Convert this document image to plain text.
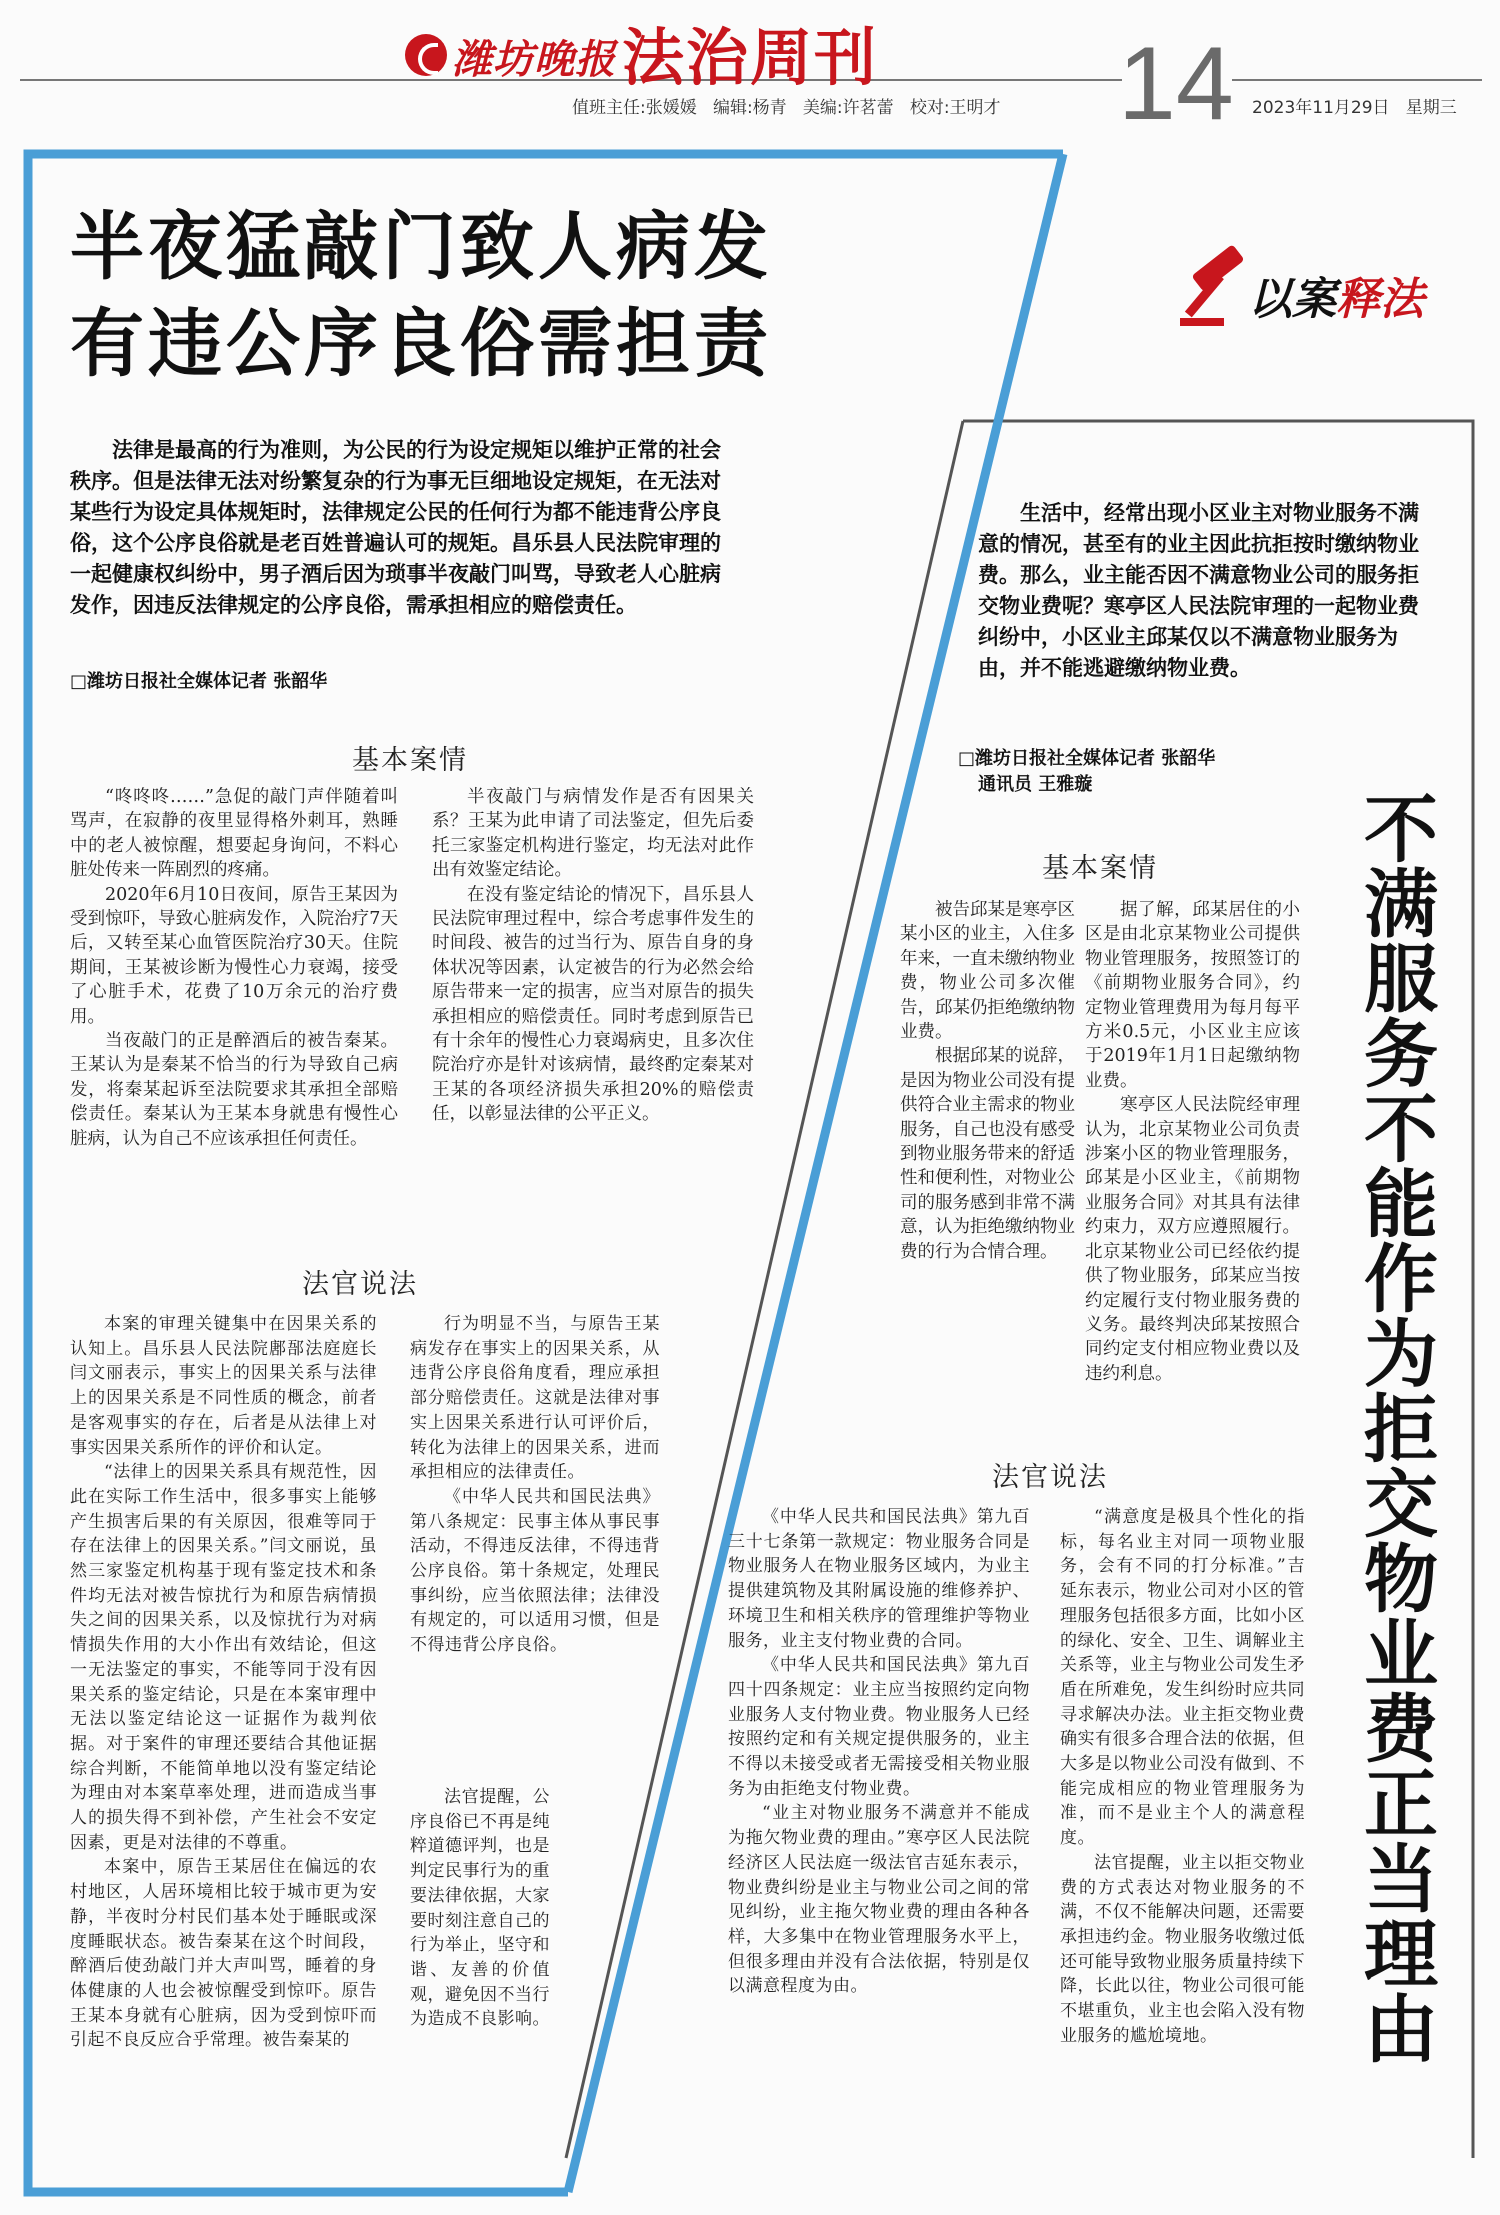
潍坊晚报 法治周刊 14
值班主任:张媛媛   编辑:杨青   美编:许茗蕾   校对:王明才	2023年11月29日   星期三
以案释法
半夜猛敲门致人病发
有违公序良俗需担责

法律是最高的行为准则，为公民的行为设定规矩以维护正常的社会秩序。但是法律无法对纷繁复杂的行为事无巨细地设定规矩，在无法对某些行为设定具体规矩时，法律规定公民的任何行为都不能违背公序良俗，这个公序良俗就是老百姓普遍认可的规矩。昌乐县人民法院审理的一起健康权纠纷中，男子酒后因为琐事半夜敲门叫骂，导致老人心脏病发作，因违反法律规定的公序良俗，需承担相应的赔偿责任。

□潍坊日报社全媒体记者 张韶华
基本案情

“咚咚咚……”急促的敲门声伴随着叫骂声，在寂静的夜里显得格外刺耳，熟睡中的老人被惊醒，想要起身询问，不料心脏处传来一阵剧烈的疼痛。

2020年6月10日夜间，原告王某因为受到惊吓，导致心脏病发作，入院治疗7天后，又转至某心血管医院治疗30天。住院期间，王某被诊断为慢性心力衰竭，接受了心脏手术，花费了10万余元的治疗费用。

当夜敲门的正是醉酒后的被告秦某。王某认为是秦某不恰当的行为导致自己病发，将秦某起诉至法院要求其承担全部赔偿责任。秦某认为王某本身就患有慢性心脏病，认为自己不应该承担任何责任。

半夜敲门与病情发作是否有因果关系？王某为此申请了司法鉴定，但先后委托三家鉴定机构进行鉴定，均无法对此作出有效鉴定结论。

在没有鉴定结论的情况下，昌乐县人民法院审理过程中，综合考虑事件发生的时间段、被告的过当行为、原告自身的身体状况等因素，认定被告的行为必然会给原告带来一定的损害，应当对原告的损失承担相应的赔偿责任。同时考虑到原告已有十余年的慢性心力衰竭病史，且多次住院治疗亦是针对该病情，最终酌定秦某对王某的各项经济损失承担20%的赔偿责任，以彰显法律的公平正义。

法官说法

本案的审理关键集中在因果关系的认知上。昌乐县人民法院鄌郚法庭庭长闫文丽表示，事实上的因果关系与法律上的因果关系是不同性质的概念，前者是客观事实的存在，后者是从法律上对事实因果关系所作的评价和认定。

“法律上的因果关系具有规范性，因此在实际工作生活中，很多事实上能够产生损害后果的有关原因，很难等同于存在法律上的因果关系。”闫文丽说，虽然三家鉴定机构基于现有鉴定技术和条件均无法对被告惊扰行为和原告病情损失之间的因果关系，以及惊扰行为对病情损失作用的大小作出有效结论，但这一无法鉴定的事实，不能等同于没有因果关系的鉴定结论，只是在本案审理中无法以鉴定结论这一证据作为裁判依据。对于案件的审理还要结合其他证据综合判断，不能简单地以没有鉴定结论为理由对本案草率处理，进而造成当事人的损失得不到补偿，产生社会不安定因素，更是对法律的不尊重。

本案中，原告王某居住在偏远的农村地区，人居环境相比较于城市更为安静，半夜时分村民们基本处于睡眠或深度睡眠状态。被告秦某在这个时间段，醉酒后使劲敲门并大声叫骂，睡着的身体健康的人也会被惊醒受到惊吓。原告王某本身就有心脏病，因为受到惊吓而引起不良反应合乎常理。被告秦某的

行为明显不当，与原告王某病发存在事实上的因果关系，从违背公序良俗角度看，理应承担部分赔偿责任。这就是法律对事实上因果关系进行认可评价后，转化为法律上的因果关系，进而承担相应的法律责任。

《中华人民共和国民法典》第八条规定：民事主体从事民事活动，不得违反法律，不得违背公序良俗。第十条规定，处理民事纠纷，应当依照法律；法律没有规定的，可以适用习惯，但是不得违背公序良俗。

法官提醒，公序良俗已不再是纯粹道德评判，也是判定民事行为的重要法律依据，大家要时刻注意自己的行为举止，坚守和谐、友善的价值观，避免因不当行为造成不良影响。

生活中，经常出现小区业主对物业服务不满意的情况，甚至有的业主因此抗拒按时缴纳物业费。那么，业主能否因不满意物业公司的服务拒交物业费呢？寒亭区人民法院审理的一起物业费纠纷中，小区业主邱某仅以不满意物业服务为由，并不能逃避缴纳物业费。

□潍坊日报社全媒体记者 张韶华
通讯员 王雅璇
基本案情

被告邱某是寒亭区某小区的业主，入住多年来，一直未缴纳物业费，物业公司多次催告，邱某仍拒绝缴纳物业费。

根据邱某的说辞，是因为物业公司没有提供符合业主需求的物业服务，自己也没有感受到物业服务带来的舒适性和便利性，对物业公司的服务感到非常不满意，认为拒绝缴纳物业费的行为合情合理。

据了解，邱某居住的小区是由北京某物业公司提供物业管理服务，按照签订的《前期物业服务合同》，约定物业管理费用为每月每平方米0.5元，小区业主应该于2019年1月1日起缴纳物业费。

寒亭区人民法院经审理认为，北京某物业公司负责涉案小区的物业管理服务，邱某是小区业主，《前期物业服务合同》对其具有法律约束力，双方应遵照履行。北京某物业公司已经依约提供了物业服务，邱某应当按约定履行支付物业服务费的义务。最终判决邱某按照合同约定支付相应物业费以及违约利息。

法官说法

《中华人民共和国民法典》第九百三十七条第一款规定：物业服务合同是物业服务人在物业服务区域内，为业主提供建筑物及其附属设施的维修养护、环境卫生和相关秩序的管理维护等物业服务，业主支付物业费的合同。

《中华人民共和国民法典》第九百四十四条规定：业主应当按照约定向物业服务人支付物业费。物业服务人已经按照约定和有关规定提供服务的，业主不得以未接受或者无需接受相关物业服务为由拒绝支付物业费。

“业主对物业服务不满意并不能成为拖欠物业费的理由。”寒亭区人民法院经济区人民法庭一级法官吉延东表示，物业费纠纷是业主与物业公司之间的常见纠纷，业主拖欠物业费的理由各种各样，大多集中在物业管理服务水平上，但很多理由并没有合法依据，特别是仅以满意程度为由。

“满意度是极具个性化的指标，每名业主对同一项物业服务，会有不同的打分标准。”吉延东表示，物业公司对小区的管理服务包括很多方面，比如小区的绿化、安全、卫生、调解业主关系等，业主与物业公司发生矛盾在所难免，发生纠纷时应共同寻求解决办法。业主拒交物业费确实有很多合理合法的依据，但大多是以物业公司没有做到、不能完成相应的物业管理服务为准，而不是业主个人的满意程度。

法官提醒，业主以拒交物业费的方式表达对物业服务的不满，不仅不能解决问题，还需要承担违约金。物业服务收缴过低还可能导致物业服务质量持续下降，长此以往，物业公司很可能不堪重负，业主也会陷入没有物业服务的尴尬境地。	不满服务不能作为拒交物业费正当理由
